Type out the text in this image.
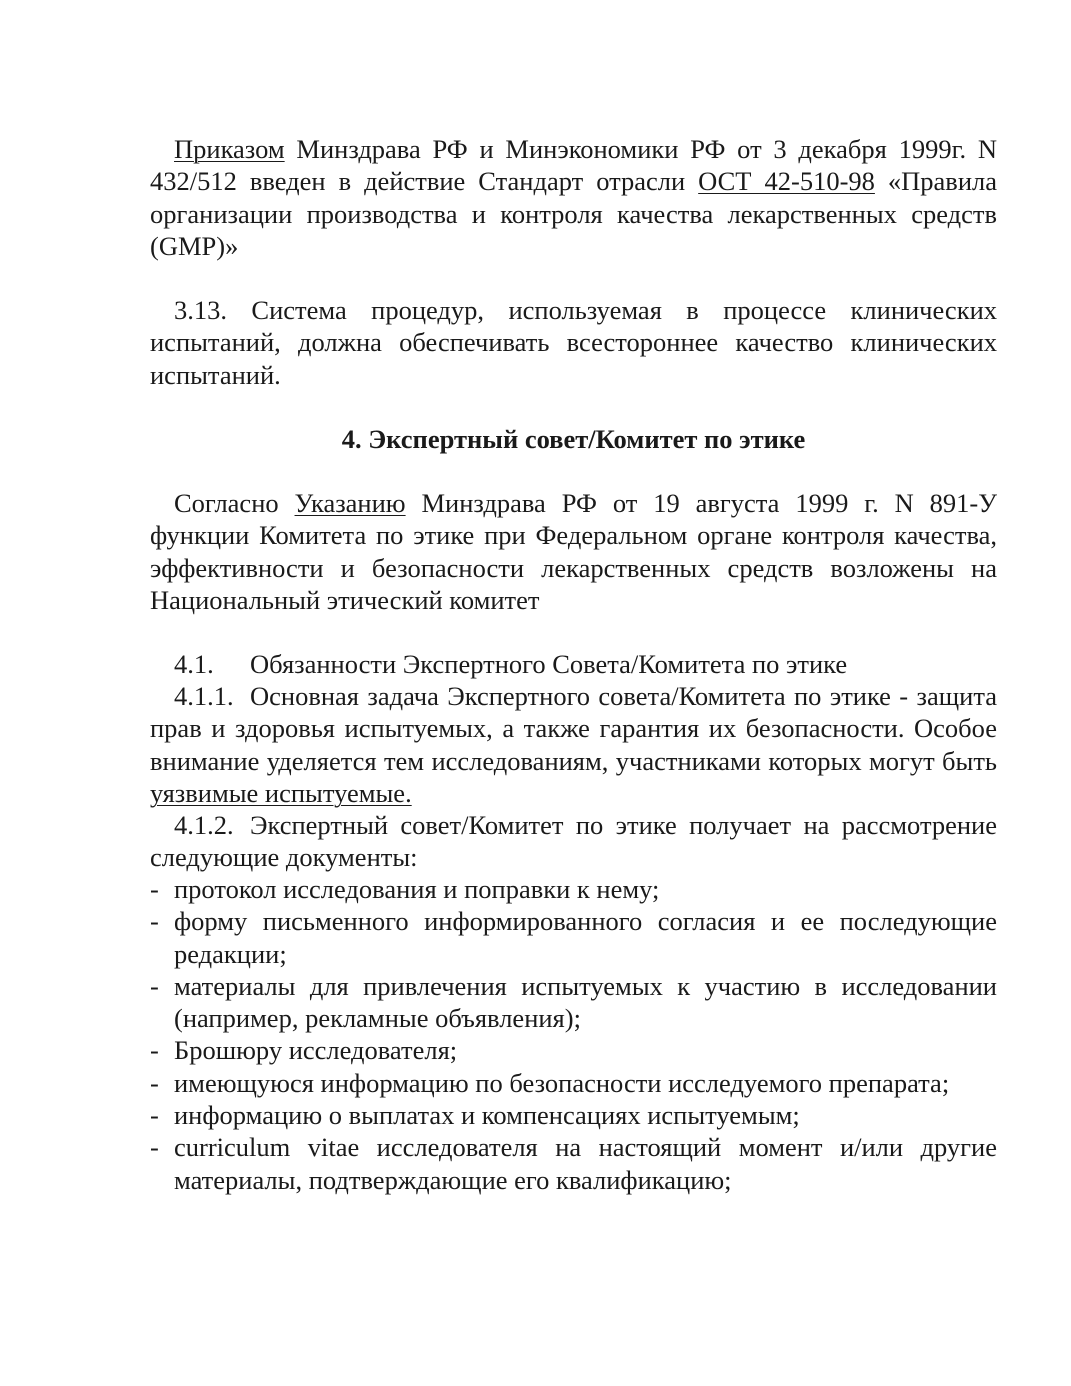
Приказом Минздрава РФ и Минэкономики РФ от 3 декабря 1999г. N 432/512 введен в действие Стандарт отрасли ОСТ 42-510-98 «Правила организации производства и контроля качества лекарственных средств (GMP)»

3.13. Система процедур, используемая в процессе клинических испытаний, должна обеспечивать всестороннее качество клинических испытаний.

4. Экспертный совет/Комитет по этике

Согласно Указанию Минздрава РФ от 19 августа 1999 г. N 891-У функции Комитета по этике при Федеральном органе контроля качества, эффективности и безопасности лекарственных средств возложены на Национальный этический комитет

4.1. Обязанности Экспертного Совета/Комитета по этике

4.1.1. Основная задача Экспертного совета/Комитета по этике - защита прав и здоровья испытуемых, а также гарантия их безопасности. Особое внимание уделяется тем исследованиям, участниками которых могут быть уязвимые испытуемые.

4.1.2. Экспертный совет/Комитет по этике получает на рассмотрение следующие документы:

- протокол исследования и поправки к нему;
- форму письменного информированного согласия и ее последующие редакции;
- материалы для привлечения испытуемых к участию в исследовании (например, рекламные объявления);
- Брошюру исследователя;
- имеющуюся информацию по безопасности исследуемого препарата;
- информацию о выплатах и компенсациях испытуемым;
- curriculum vitae исследователя на настоящий момент и/или другие материалы, подтверждающие его квалификацию;
